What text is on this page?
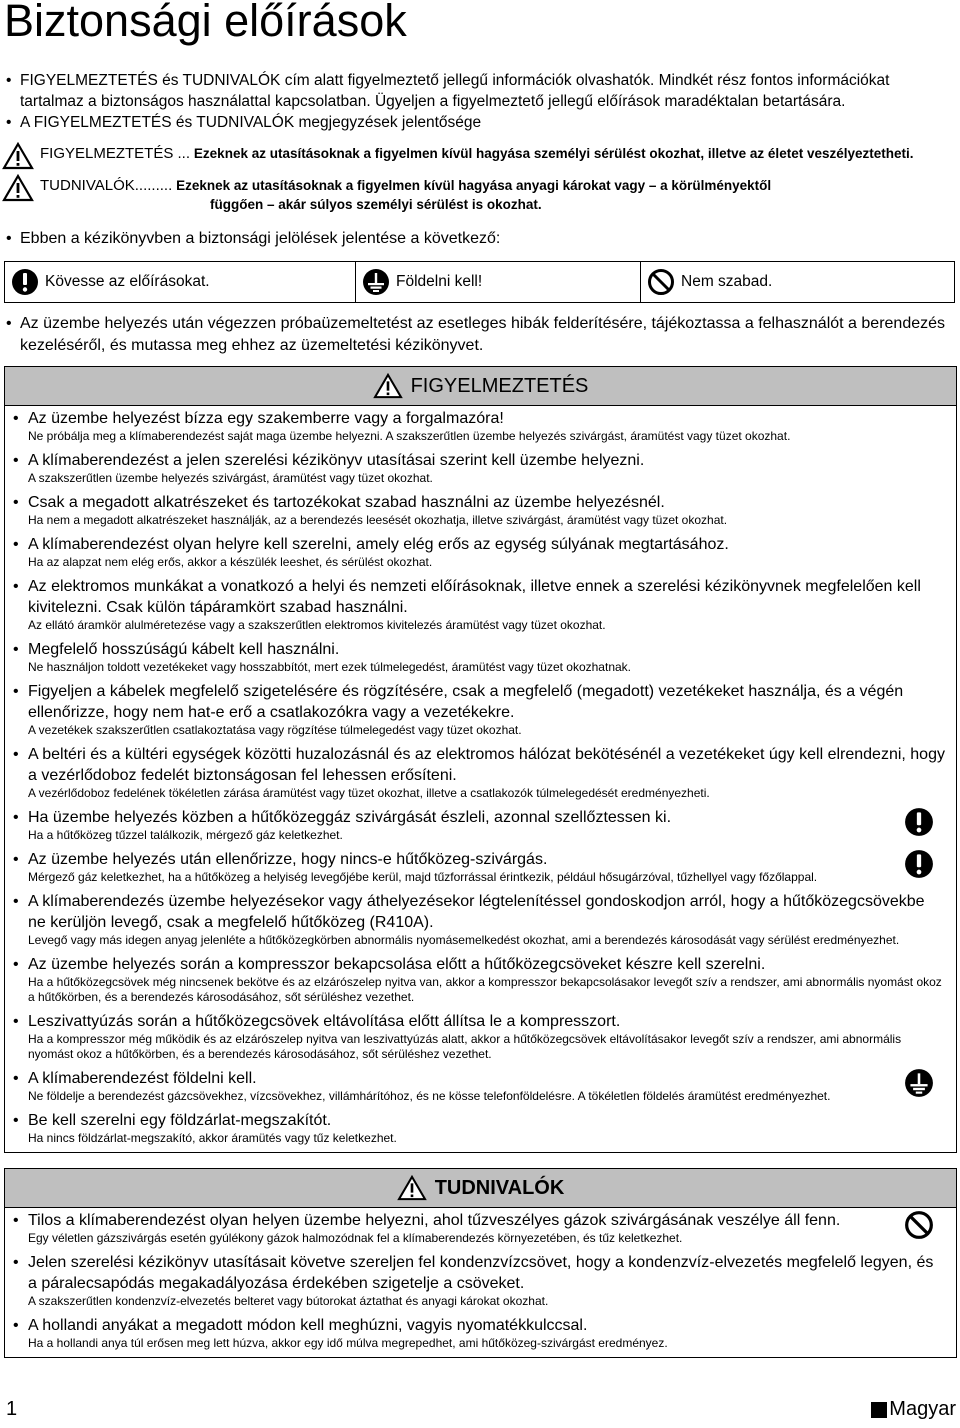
Biztonsági előírások

• FIGYELMEZTETÉS és TUDNIVALÓK cím alatt figyelmeztető jellegű információk olvashatók. Mindkét rész fontos információkat tartalmaz a biztonságos használattal kapcsolatban. Ügyeljen a figyelmeztető jellegű előírások maradéktalan betartására.

• A FIGYELMEZTETÉS és TUDNIVALÓK megjegyzések jelentősége

FIGYELMEZTETÉS ... Ezeknek az utasításoknak a figyelmen kívül hagyása személyi sérülést okozhat, illetve az életet veszélyeztetheti.
TUDNIVALÓK......... Ezeknek az utasításoknak a figyelmen kívül hagyása anyagi károkat vagy – a körülményektől
függően – akár súlyos személyi sérülést is okozhat.

• Ebben a kézikönyvben a biztonsági jelölések jelentése a következő:

Kövesse az előírásokat.	Földelni kell!	Nem szabad.

• Az üzembe helyezés után végezzen próbaüzemeltetést az esetleges hibák felderítésére, tájékoztassa a felhasználót a berendezés kezeléséről, és mutassa meg ehhez az üzemeltetési kézikönyvet.

FIGYELMEZTETÉS
• Az üzembe helyezést bízza egy szakemberre vagy a forgalmazóra!
Ne próbálja meg a klímaberendezést saját maga üzembe helyezni. A szakszerűtlen üzembe helyezés szivárgást, áramütést vagy tüzet okozhat.
• A klímaberendezést a jelen szerelési kézikönyv utasításai szerint kell üzembe helyezni.
A szakszerűtlen üzembe helyezés szivárgást, áramütést vagy tüzet okozhat.
• Csak a megadott alkatrészeket és tartozékokat szabad használni az üzembe helyezésnél.
Ha nem a megadott alkatrészeket használják, az a berendezés leesését okozhatja, illetve szivárgást, áramütést vagy tüzet okozhat.
• A klímaberendezést olyan helyre kell szerelni, amely elég erős az egység súlyának megtartásához.
Ha az alapzat nem elég erős, akkor a készülék leeshet, és sérülést okozhat.
• Az elektromos munkákat a vonatkozó a helyi és nemzeti előírásoknak, illetve ennek a szerelési kézikönyvnek megfelelően kell kivitelezni. Csak külön tápáramkört szabad használni.
Az ellátó áramkör alulméretezése vagy a szakszerűtlen elektromos kivitelezés áramütést vagy tüzet okozhat.
• Megfelelő hosszúságú kábelt kell használni.
Ne használjon toldott vezetékeket vagy hosszabbítót, mert ezek túlmelegedést, áramütést vagy tüzet okozhatnak.
• Figyeljen a kábelek megfelelő szigetelésére és rögzítésére, csak a megfelelő (megadott) vezetékeket használja, és a végén ellenőrizze, hogy nem hat-e erő a csatlakozókra vagy a vezetékekre.
A vezetékek szakszerűtlen csatlakoztatása vagy rögzítése túlmelegedést vagy tüzet okozhat.
• A beltéri és a kültéri egységek közötti huzalozásnál és az elektromos hálózat bekötésénél a vezetékeket úgy kell elrendezni, hogy a vezérlődoboz fedelét biztonságosan fel lehessen erősíteni.
A vezérlődoboz fedelének tökéletlen zárása áramütést vagy tüzet okozhat, illetve a csatlakozók túlmelegedését eredményezheti.
• Ha üzembe helyezés közben a hűtőközeggáz szivárgását észleli, azonnal szellőztessen ki.
Ha a hűtőközeg tűzzel találkozik, mérgező gáz keletkezhet.
• Az üzembe helyezés után ellenőrizze, hogy nincs-e hűtőközeg-szivárgás.
Mérgező gáz keletkezhet, ha a hűtőközeg a helyiség levegőjébe kerül, majd tűzforrással érintkezik, például hősugárzóval, tűzhellyel vagy főzőlappal.
• A klímaberendezés üzembe helyezésekor vagy áthelyezésekor légtelenítéssel gondoskodjon arról, hogy a hűtőközegcsövekbe ne kerüljön levegő, csak a megfelelő hűtőközeg (R410A).
Levegő vagy más idegen anyag jelenléte a hűtőközegkörben abnormális nyomásemelkedést okozhat, ami a berendezés károsodását vagy sérülést eredményezhet.
• Az üzembe helyezés során a kompresszor bekapcsolása előtt a hűtőközegcsöveket készre kell szerelni.
Ha a hűtőközegcsövek még nincsenek bekötve és az elzárószelep nyitva van, akkor a kompresszor bekapcsolásakor levegőt szív a rendszer, ami abnormális nyomást okoz a hűtőkörben, és a berendezés károsodásához, sőt sérüléshez vezethet.
• Leszivattyúzás során a hűtőközegcsövek eltávolítása előtt állítsa le a kompresszort.
Ha a kompresszor még működik és az elzárószelep nyitva van leszivattyúzás alatt, akkor a hűtőközegcsövek eltávolításakor levegőt szív a rendszer, ami abnormális nyomást okoz a hűtőkörben, és a berendezés károsodásához, sőt sérüléshez vezethet.
• A klímaberendezést földelni kell.
Ne földelje a berendezést gázcsövekhez, vízcsövekhez, villámhárítóhoz, és ne kösse telefonföldelésre. A tökéletlen földelés áramütést eredményezhet.
• Be kell szerelni egy földzárlat-megszakítót.
Ha nincs földzárlat-megszakító, akkor áramütés vagy tűz keletkezhet.
TUDNIVALÓK
• Tilos a klímaberendezést olyan helyen üzembe helyezni, ahol tűzveszélyes gázok szivárgásának veszélye áll fenn.
Egy véletlen gázszivárgás esetén gyúlékony gázok halmozódnak fel a klímaberendezés környezetében, és tűz keletkezhet.
• Jelen szerelési kézikönyv utasításait követve szereljen fel kondenzvízcsövet, hogy a kondenzvíz-elvezetés megfelelő legyen, és a páralecsapódás megakadályozása érdekében szigetelje a csöveket.
A szakszerűtlen kondenzvíz-elvezetés belteret vagy bútorokat áztathat és anyagi károkat okozhat.
• A hollandi anyákat a megadott módon kell meghúzni, vagyis nyomatékkulccsal.
Ha a hollandi anya túl erősen meg lett húzva, akkor egy idő múlva megrepedhet, ami hűtőközeg-szivárgást eredményez.
1	Magyar
